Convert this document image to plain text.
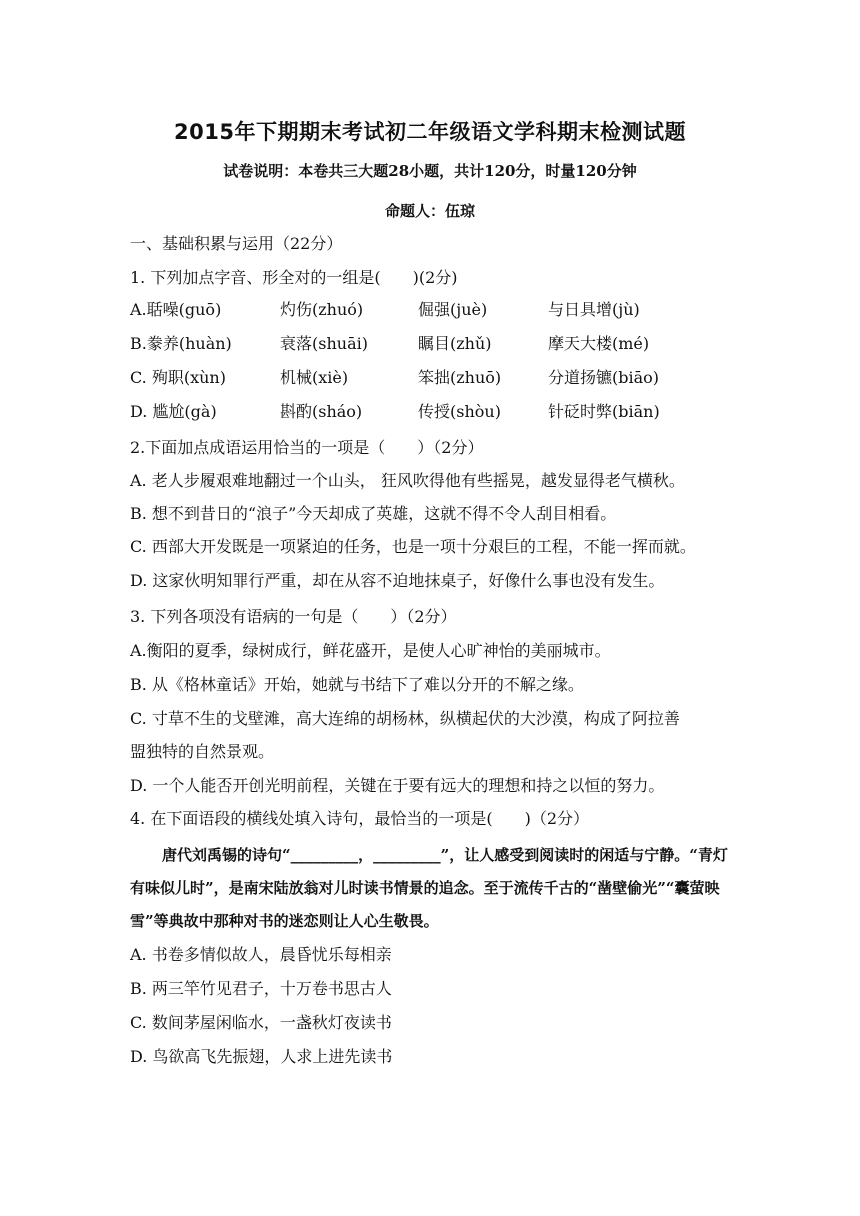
2015年下期期末考试初二年级语文学科期末检测试题
试卷说明：本卷共三大题28小题，共计120分，时量120分钟
命题人：伍琼
一、基础积累与运用（22分）
1. 下列加点字音、形全对的一组是(　　)(2分)
A.聒噪(guō)	灼伤(zhuó)	倔强(juè)	与日具增(jù)
B.豢养(huàn)	衰落(shuāi)	瞩目(zhǔ)	摩天大楼(mé)
C. 殉职(xùn)	机械(xiè)	笨拙(zhuō)	分道扬镳(biāo)
D. 尴尬(gà)	斟酌(sháo)	传授(shòu)	针砭时弊(biān)
2.下面加点成语运用恰当的一项是（　　）（2分）
A. 老人步履艰难地翻过一个山头， 狂风吹得他有些摇晃，越发显得老气横秋。
B. 想不到昔日的“浪子”今天却成了英雄，这就不得不令人刮目相看。
C. 西部大开发既是一项紧迫的任务，也是一项十分艰巨的工程，不能一挥而就。
D. 这家伙明知罪行严重，却在从容不迫地抹桌子，好像什么事也没有发生。
3. 下列各项没有语病的一句是（　　）（2分）
A.衡阳的夏季，绿树成行，鲜花盛开，是使人心旷神怡的美丽城市。
B. 从《格林童话》开始，她就与书结下了难以分开的不解之缘。
C. 寸草不生的戈壁滩，高大连绵的胡杨林，纵横起伏的大沙漠，构成了阿拉善
盟独特的自然景观。
D. 一个人能否开创光明前程，关键在于要有远大的理想和持之以恒的努力。
4. 在下面语段的横线处填入诗句，最恰当的一项是(　　)（2分）
唐代刘禹锡的诗句“_________，_________”，让人感受到阅读时的闲适与宁静。“青灯有味似儿时”，是南宋陆放翁对儿时读书情景的追念。至于流传千古的“凿壁偷光”“囊萤映雪”等典故中那种对书的迷恋则让人心生敬畏。
A. 书卷多情似故人，晨昏忧乐每相亲
B. 两三竿竹见君子，十万卷书思古人
C. 数间茅屋闲临水，一盏秋灯夜读书
D. 鸟欲高飞先振翅，人求上进先读书
